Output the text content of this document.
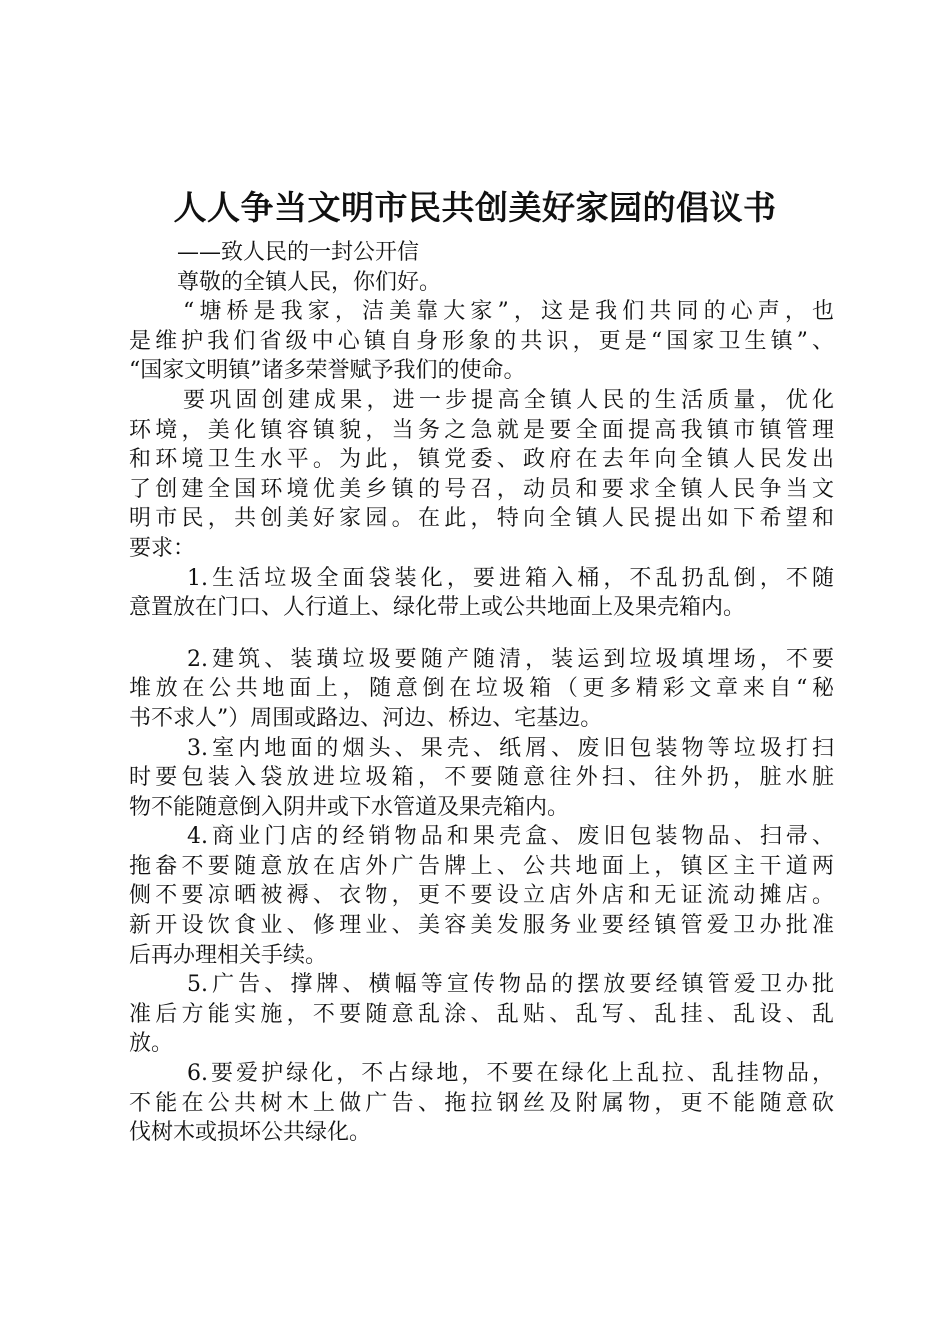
人人争当文明市民共创美好家园的倡议书
——致人民的一封公开信
尊敬的全镇人民，你们好。
“塘桥是我家，洁美靠大家”，这是我们共同的心声，也
是维护我们省级中心镇自身形象的共识，更是“国家卫生镇”、
“国家文明镇”诸多荣誉赋予我们的使命。
要巩固创建成果，进一步提高全镇人民的生活质量，优化
环境，美化镇容镇貌，当务之急就是要全面提高我镇市镇管理
和环境卫生水平。为此，镇党委、政府在去年向全镇人民发出
了创建全国环境优美乡镇的号召，动员和要求全镇人民争当文
明市民，共创美好家园。在此，特向全镇人民提出如下希望和
要求：
1.生活垃圾全面袋装化，要进箱入桶，不乱扔乱倒，不随
意置放在门口、人行道上、绿化带上或公共地面上及果壳箱内。
2.建筑、装璜垃圾要随产随清，装运到垃圾填埋场，不要
堆放在公共地面上，随意倒在垃圾箱（更多精彩文章来自“秘
书不求人”）周围或路边、河边、桥边、宅基边。
3.室内地面的烟头、果壳、纸屑、废旧包装物等垃圾打扫
时要包装入袋放进垃圾箱，不要随意往外扫、往外扔，脏水脏
物不能随意倒入阴井或下水管道及果壳箱内。
4.商业门店的经销物品和果壳盒、废旧包装物品、扫帚、
拖畚不要随意放在店外广告牌上、公共地面上，镇区主干道两
侧不要凉晒被褥、衣物，更不要设立店外店和无证流动摊店。
新开设饮食业、修理业、美容美发服务业要经镇管爱卫办批准
后再办理相关手续。
5.广告、撑牌、横幅等宣传物品的摆放要经镇管爱卫办批
准后方能实施，不要随意乱涂、乱贴、乱写、乱挂、乱设、乱
放。
6.要爱护绿化，不占绿地，不要在绿化上乱拉、乱挂物品，
不能在公共树木上做广告、拖拉钢丝及附属物，更不能随意砍
伐树木或损坏公共绿化。
